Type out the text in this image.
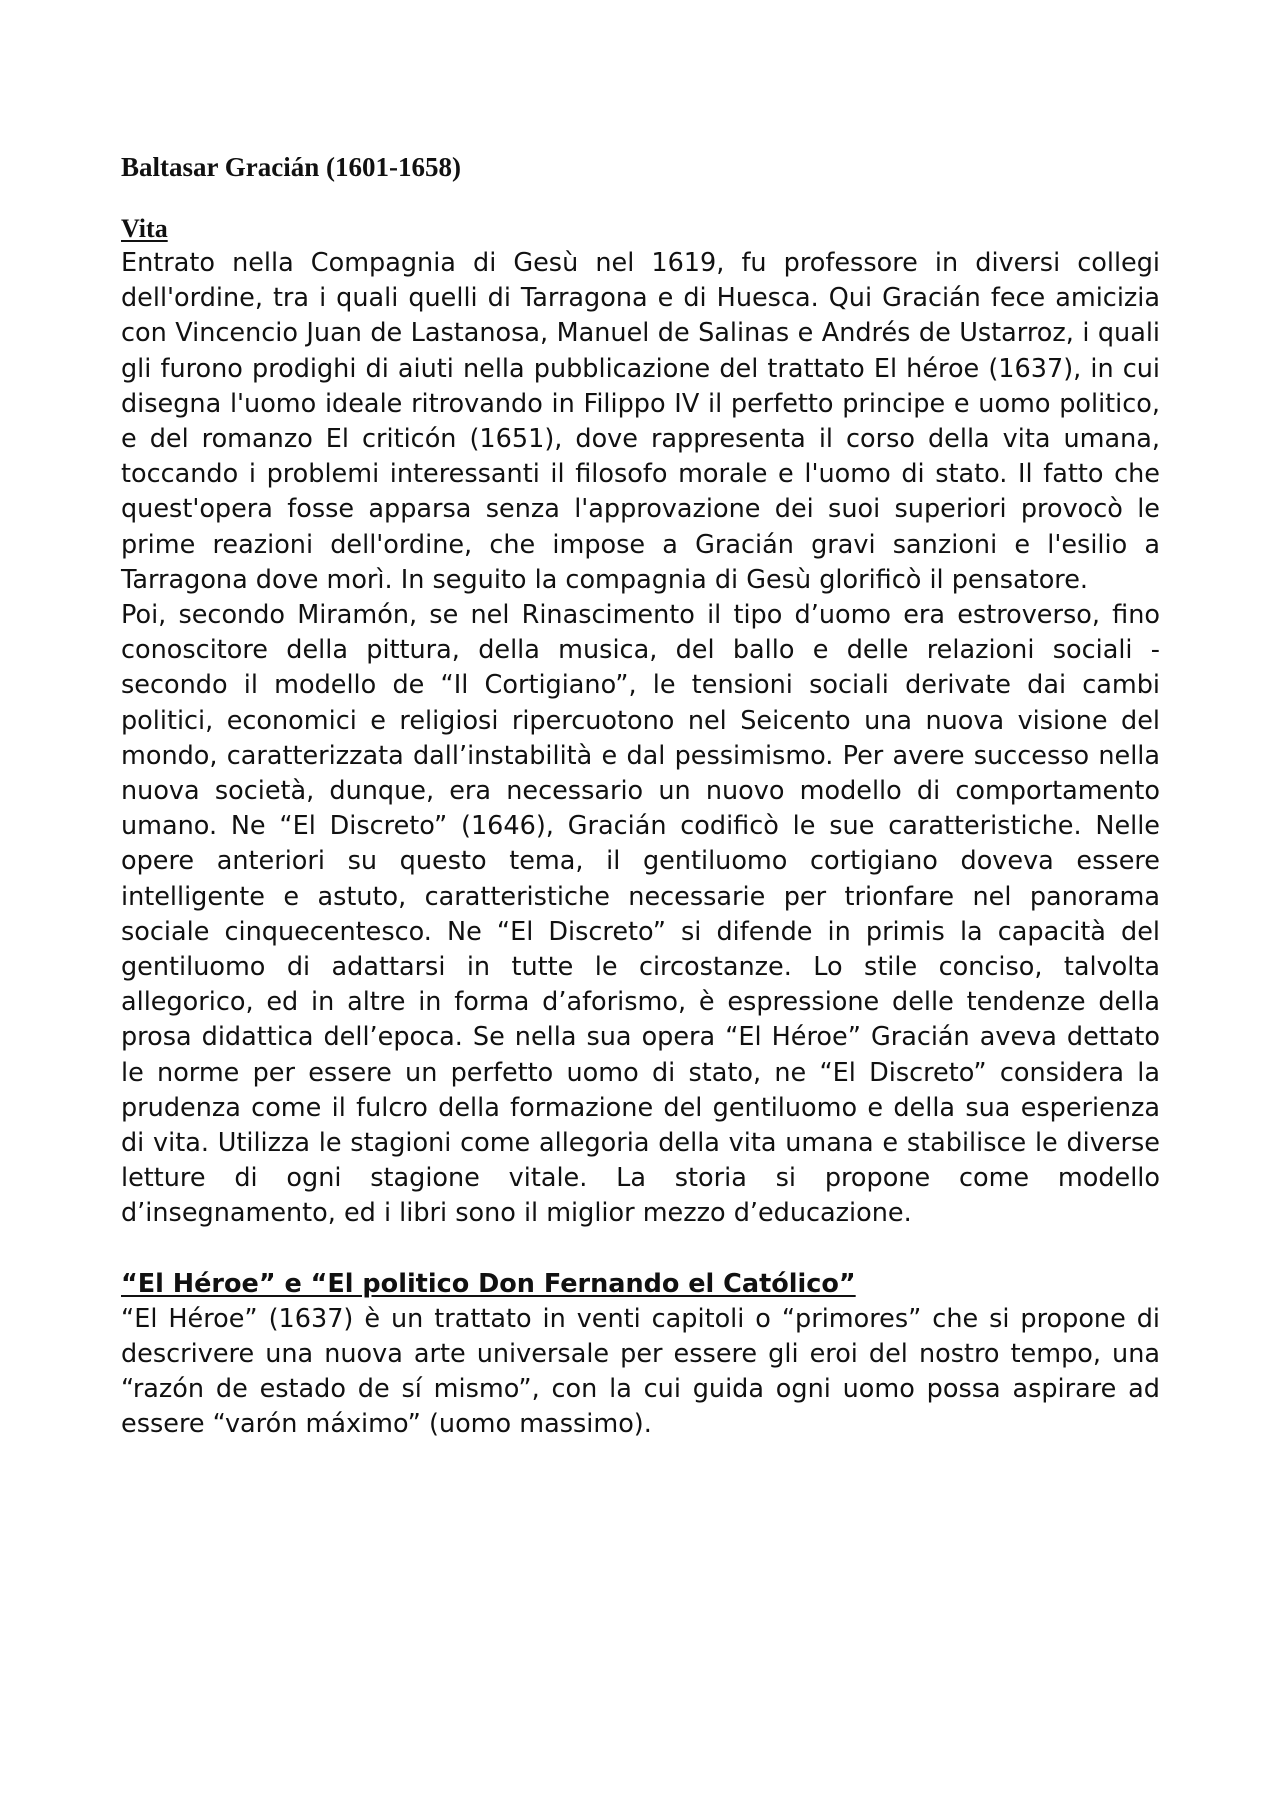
Baltasar Gracián (1601-1658)
Vita

Entrato nella Compagnia di Gesù nel 1619, fu professore in diversi collegi dell'ordine, tra i quali quelli di Tarragona e di Huesca. Qui Gracián fece amicizia con Vincencio Juan de Lastanosa, Manuel de Salinas e Andrés de Ustarroz, i quali gli furono prodighi di aiuti nella pubblicazione del trattato El héroe (1637), in cui disegna l'uomo ideale ritrovando in Filippo IV il perfetto principe e uomo politico, e del romanzo El criticón (1651), dove rappresenta il corso della vita umana, toccando i problemi interessanti il filosofo morale e l'uomo di stato. Il fatto che quest'opera fosse apparsa senza l'approvazione dei suoi superiori provocò le prime reazioni dell'ordine, che impose a Gracián gravi sanzioni e l'esilio a Tarragona dove morì. In seguito la compagnia di Gesù glorificò il pensatore.

Poi, secondo Miramón, se nel Rinascimento il tipo d’uomo era estroverso, fino conoscitore della pittura, della musica, del ballo e delle relazioni sociali - secondo il modello de “Il Cortigiano”, le tensioni sociali derivate dai cambi politici, economici e religiosi ripercuotono nel Seicento una nuova visione del mondo, caratterizzata dall’instabilità e dal pessimismo. Per avere successo nella nuova società, dunque, era necessario un nuovo modello di comportamento umano. Ne “El Discreto” (1646), Gracián codificò le sue caratteristiche. Nelle opere anteriori su questo tema, il gentiluomo cortigiano doveva essere intelligente e astuto, caratteristiche necessarie per trionfare nel panorama sociale cinquecentesco. Ne “El Discreto” si difende in primis la capacità del gentiluomo di adattarsi in tutte le circostanze. Lo stile conciso, talvolta allegorico, ed in altre in forma d’aforismo, è espressione delle tendenze della prosa didattica dell’epoca. Se nella sua opera “El Héroe” Gracián aveva dettato le norme per essere un perfetto uomo di stato, ne “El Discreto” considera la prudenza come il fulcro della formazione del gentiluomo e della sua esperienza di vita. Utilizza le stagioni come allegoria della vita umana e stabilisce le diverse letture di ogni stagione vitale. La storia si propone come modello d’insegnamento, ed i libri sono il miglior mezzo d’educazione.

“El Héroe” e “El politico Don Fernando el Católico”

“El Héroe” (1637) è un trattato in venti capitoli o “primores” che si propone di descrivere una nuova arte universale per essere gli eroi del nostro tempo, una “razón de estado de sí mismo”, con la cui guida ogni uomo possa aspirare ad essere “varón máximo” (uomo massimo).
